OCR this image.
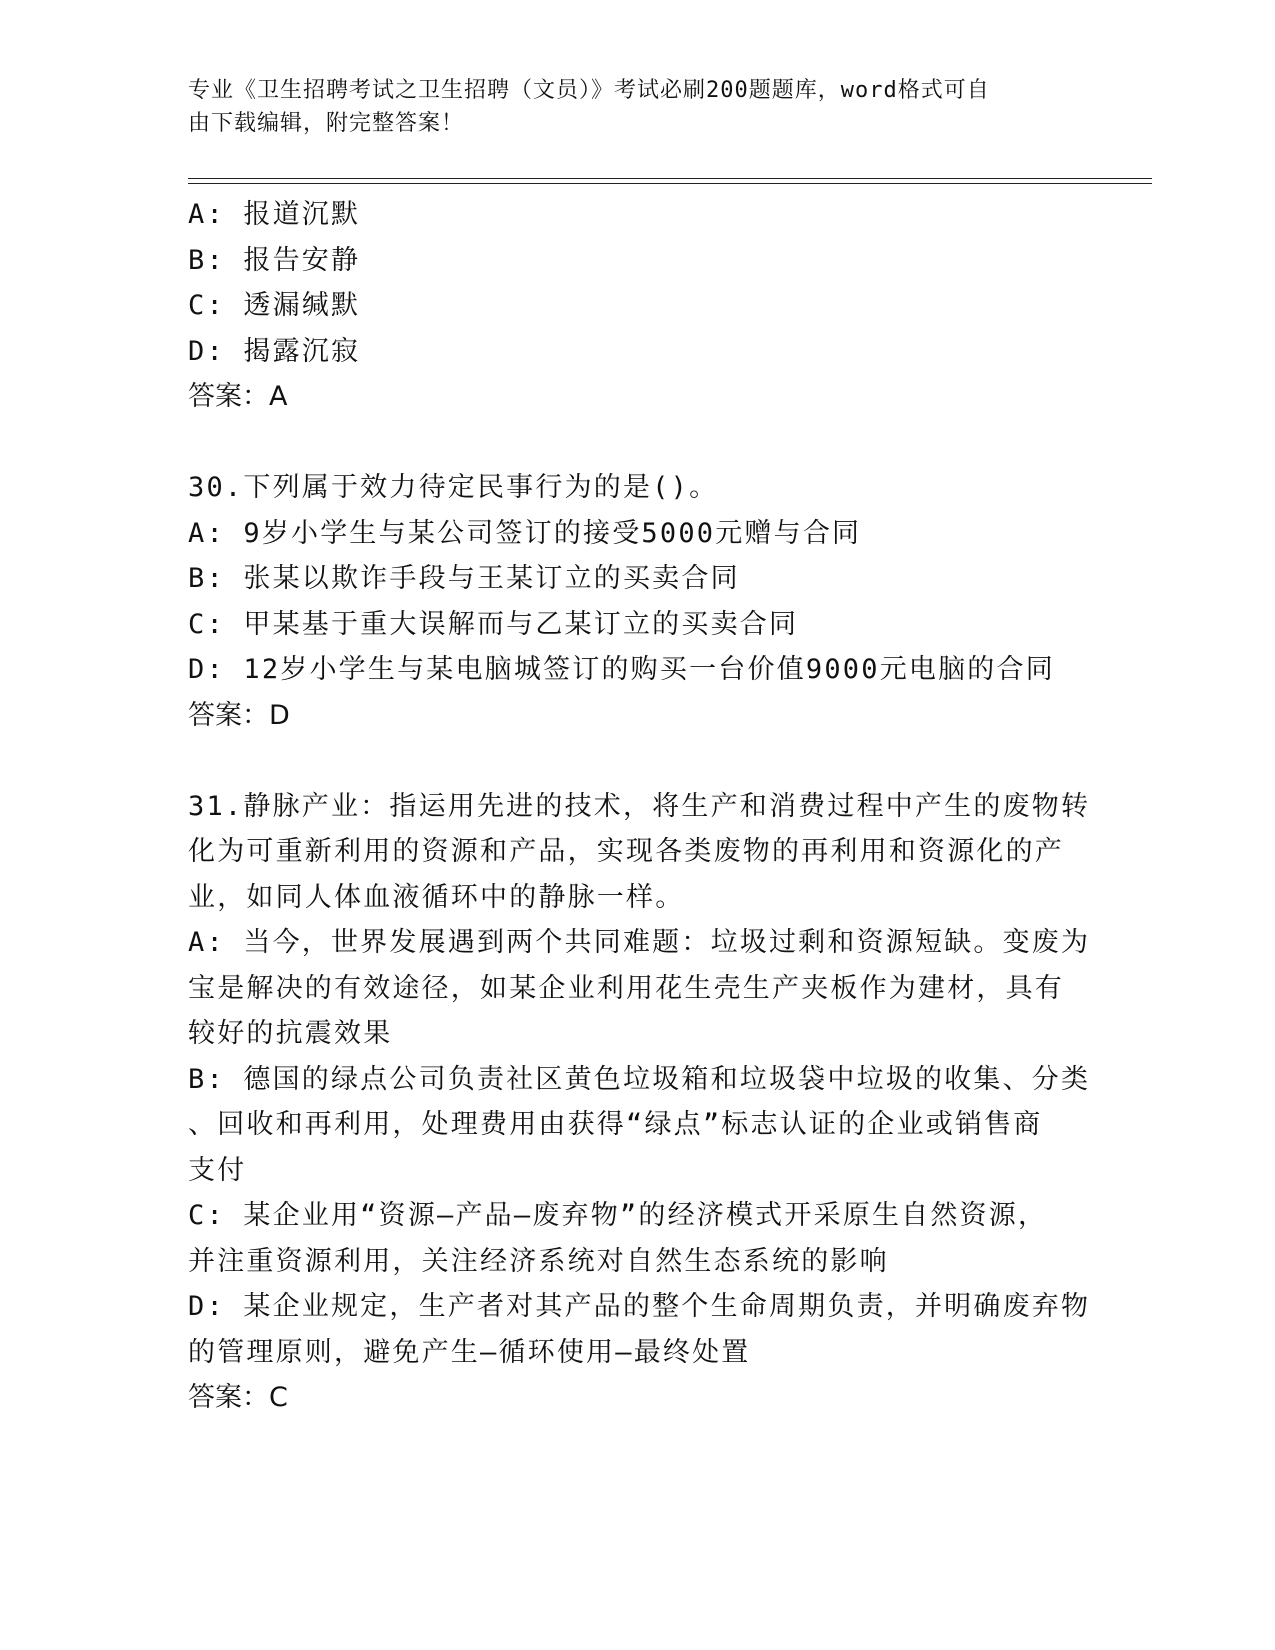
专业《卫生招聘考试之卫生招聘（文员）》考试必刷200题题库，word格式可自
由下载编辑，附完整答案！
A: 报道沉默
B: 报告安静
C: 透漏缄默
D: 揭露沉寂
答案：A
30.下列属于效力待定民事行为的是()。
A: 9岁小学生与某公司签订的接受5000元赠与合同
B: 张某以欺诈手段与王某订立的买卖合同
C: 甲某基于重大误解而与乙某订立的买卖合同
D: 12岁小学生与某电脑城签订的购买一台价值9000元电脑的合同
答案：D
31.静脉产业：指运用先进的技术，将生产和消费过程中产生的废物转
化为可重新利用的资源和产品，实现各类废物的再利用和资源化的产
业，如同人体血液循环中的静脉一样。
A: 当今，世界发展遇到两个共同难题：垃圾过剩和资源短缺。变废为
宝是解决的有效途径，如某企业利用花生壳生产夹板作为建材，具有
较好的抗震效果
B: 德国的绿点公司负责社区黄色垃圾箱和垃圾袋中垃圾的收集、分类
、回收和再利用，处理费用由获得“绿点”标志认证的企业或销售商
支付
C: 某企业用“资源—产品—废弃物”的经济模式开采原生自然资源，
并注重资源利用，关注经济系统对自然生态系统的影响
D: 某企业规定，生产者对其产品的整个生命周期负责，并明确废弃物
的管理原则，避免产生—循环使用—最终处置
答案：C
